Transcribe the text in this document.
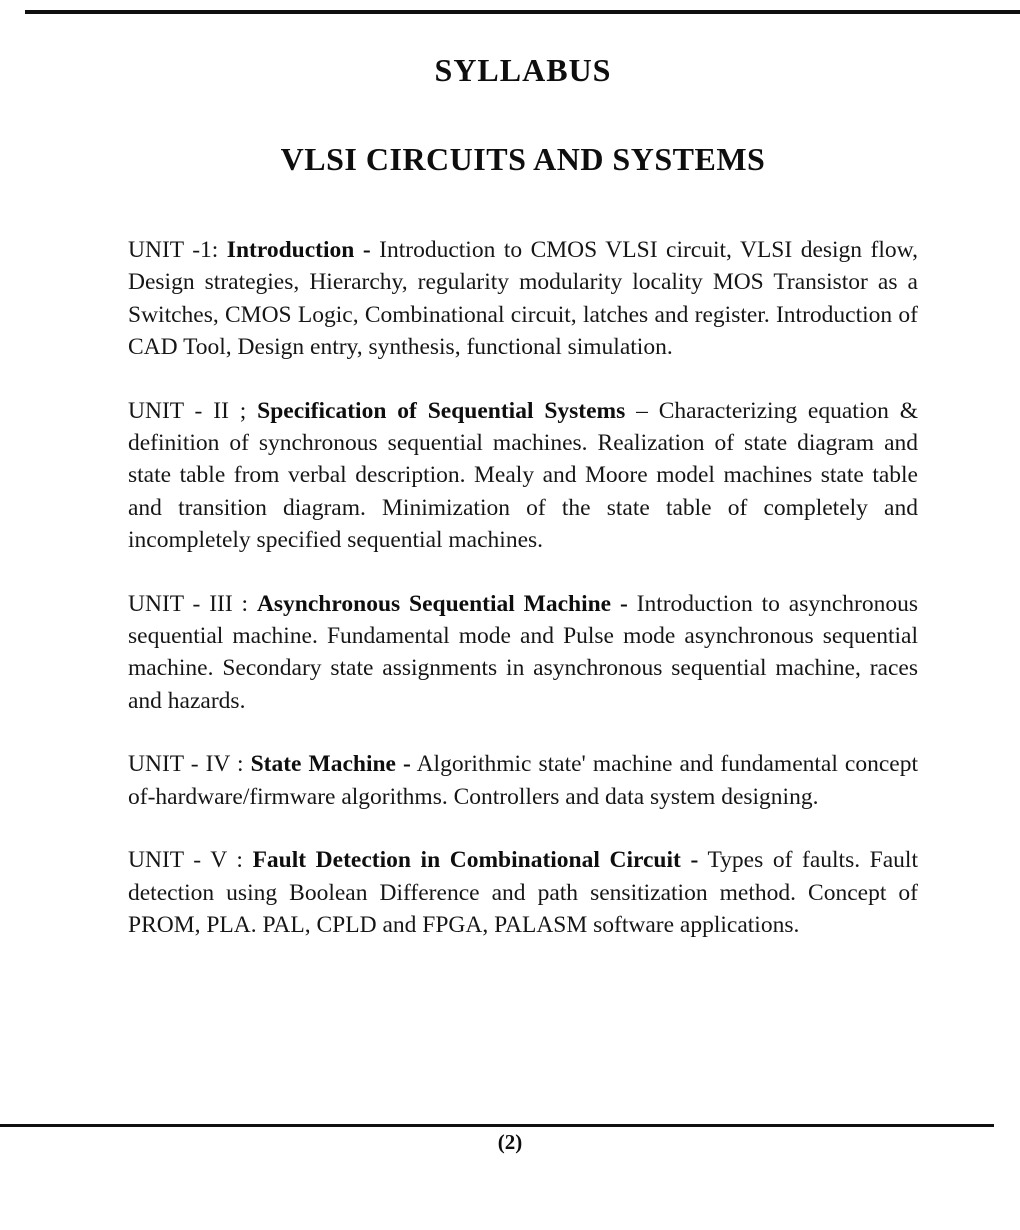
SYLLABUS
VLSI CIRCUITS AND SYSTEMS

UNIT -1: Introduction - Introduction to CMOS VLSI circuit, VLSI design flow, Design strategies, Hierarchy, regularity modularity locality MOS Transistor as a Switches, CMOS Logic, Combinational circuit, latches and register. Introduction of CAD Tool, Design entry, synthesis, functional simulation.

UNIT - II ; Specification of Sequential Systems – Characterizing equation & definition of synchronous sequential machines. Realization of state diagram and state table from verbal description. Mealy and Moore model machines state table and transition diagram. Minimization of the state table of completely and incompletely specified sequential machines.

UNIT - III : Asynchronous Sequential Machine - Introduction to asynchronous sequential machine. Fundamental mode and Pulse mode asynchronous sequential machine. Secondary state assignments in asynchronous sequential machine, races and hazards.

UNIT - IV : State Machine - Algorithmic state' machine and fundamental concept of-hardware/firmware algorithms. Controllers and data system designing.

UNIT - V : Fault Detection in Combinational Circuit - Types of faults. Fault detection using Boolean Difference and path sensitization method. Concept of PROM, PLA. PAL, CPLD and FPGA, PALASM software applications.

(2)
